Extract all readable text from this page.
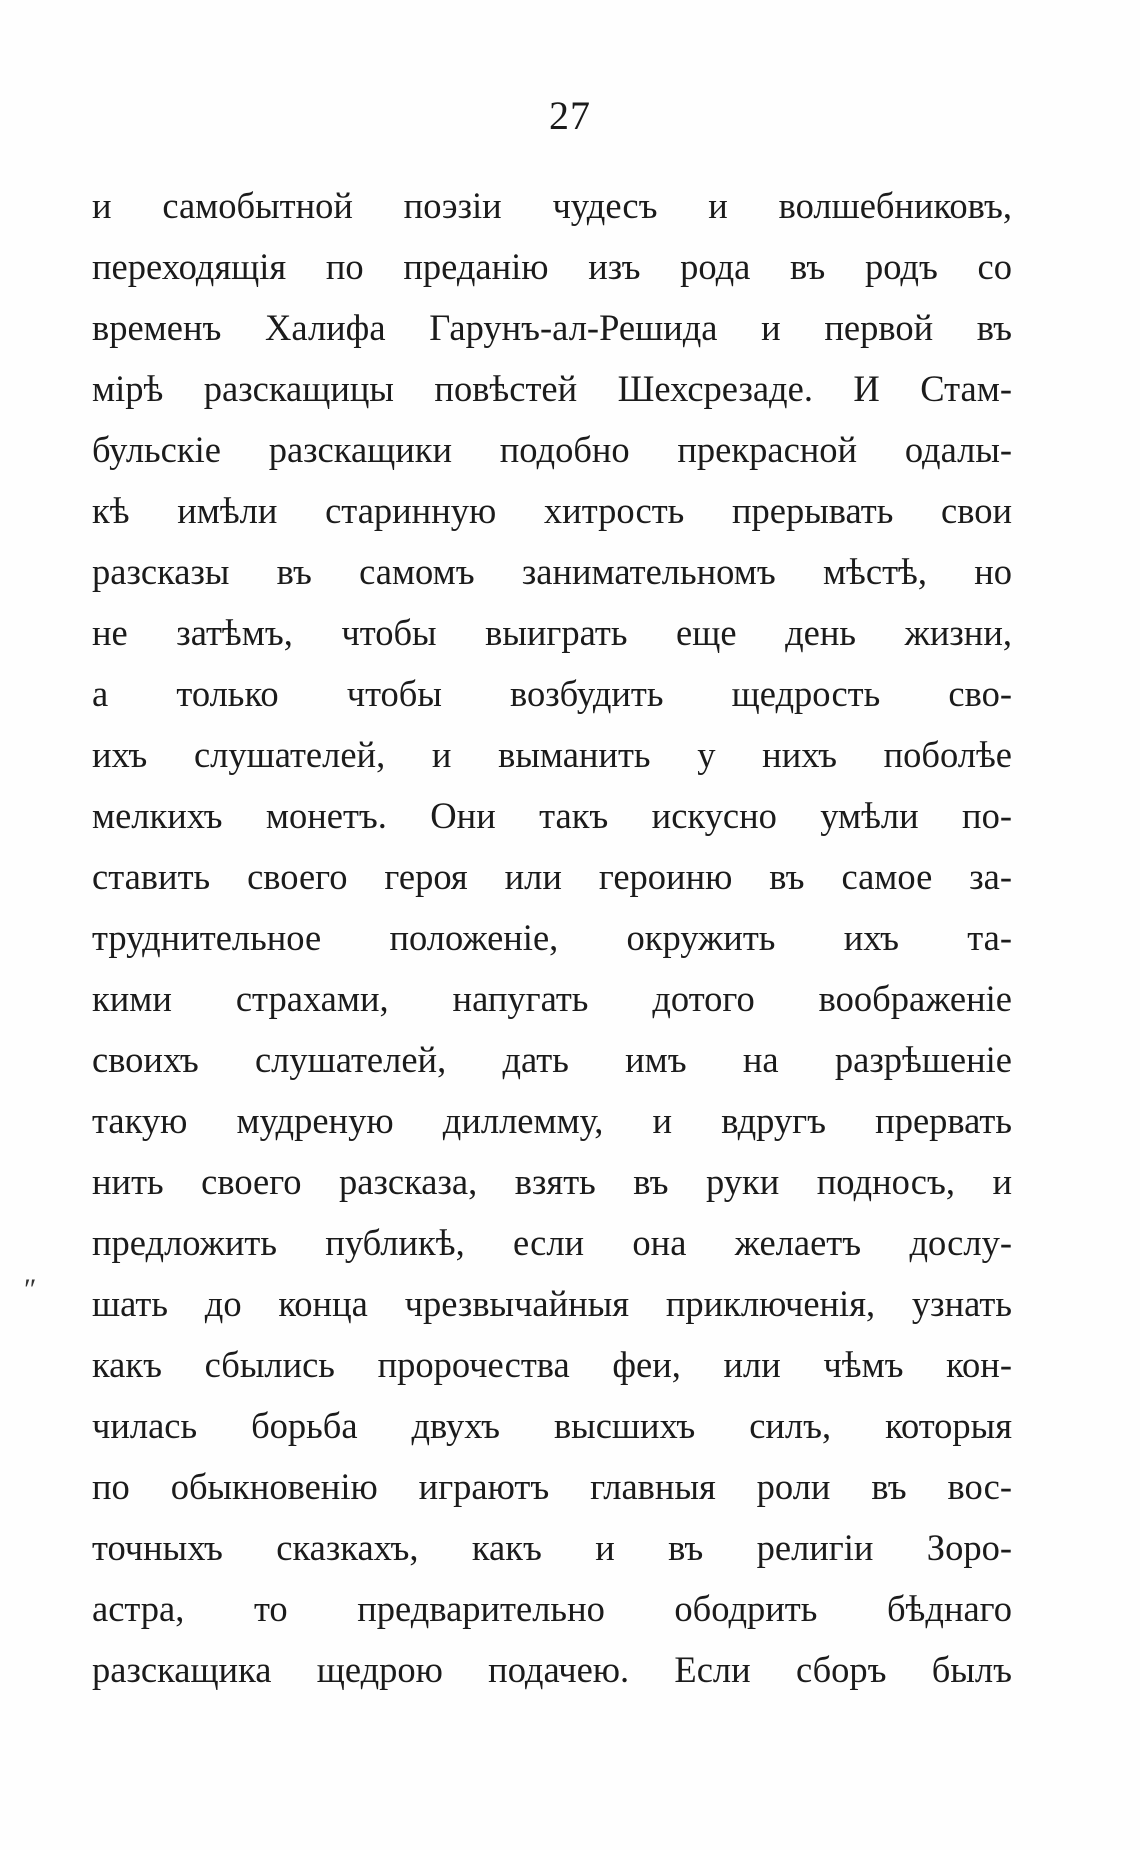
27
и самобытной поэзіи чудесъ и волшебниковъ,
переходящія по преданію изъ рода въ родъ со
временъ Халифа Гарунъ-ал-Решида и первой въ
мірѣ разскащицы повѣстей Шехсрезаде. И Стам-
бульскіе разскащики подобно прекрасной одалы-
кѣ имѣли старинную хитрость прерывать свои
разсказы въ самомъ занимательномъ мѣстѣ, но
не затѣмъ, чтобы выиграть еще день жизни,
а только чтобы возбудить щедрость сво-
ихъ слушателей, и выманить у нихъ поболѣе
мелкихъ монетъ. Они такъ искусно умѣли по-
ставить своего героя или героиню въ самое за-
труднительное положеніе, окружить ихъ та-
кими страхами, напугать дотого воображеніе
своихъ слушателей, дать имъ на разрѣшеніе
такую мудреную диллемму, и вдругъ прервать
нить своего разсказа, взять въ руки подносъ, и
предложить публикѣ, если она желаетъ дослу-
шать до конца чрезвычайныя приключенія, узнать
какъ сбылись пророчества феи, или чѣмъ кон-
чилась борьба двухъ высшихъ силъ, которыя
по обыкновенію играютъ главныя роли въ вос-
точныхъ сказкахъ, какъ и въ религіи Зоро-
астра, то предварительно ободрить бѣднаго
разскащика щедрою подачею. Если сборъ былъ
″
